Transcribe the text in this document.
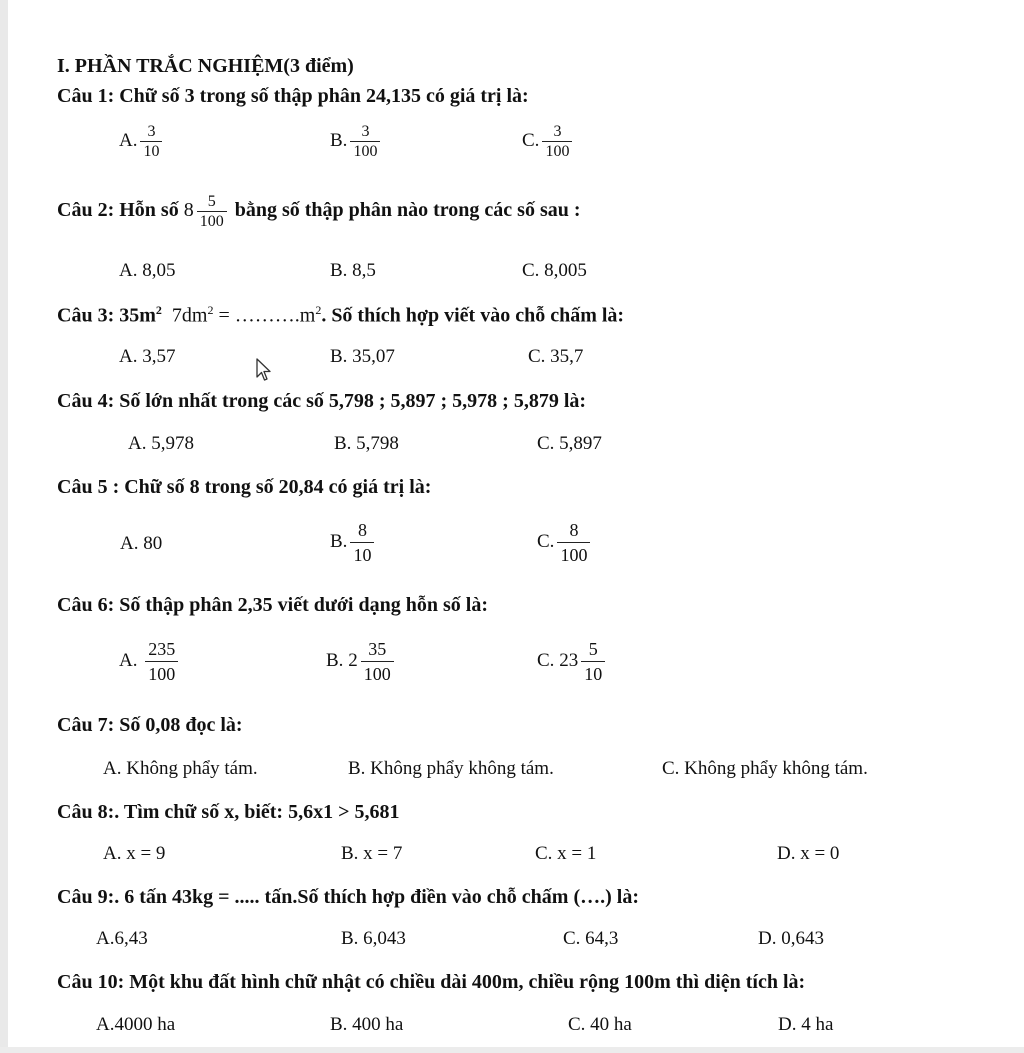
I. PHẦN TRẮC NGHIỆM(3 điểm)
Câu 1: Chữ số 3 trong số thập phân 24,135 có giá trị là:
A. $\frac{3}{10}$	B. $\frac{3}{100}$	C. $\frac{3}{100}$
Câu 2: Hỗn số $8 \frac{5}{100}$ bằng số thập phân nào trong các số sau :
A. 8,05	B. 8,5	C. 8,005
Câu 3: $35m^2$ $7dm^2$ = $\dots\dots\dots.m^2$. Số thích hợp viết vào chỗ chấm là:
A. 3,57	B. 35,07	C. 35,7
Câu 4: Số lớn nhất trong các số 5,798 ; 5,897 ; 5,978 ; 5,879 là:
A. 5,978	B. 5,798	C. 5,897
Câu 5 : Chữ số 8 trong số 20,84 có giá trị là:
A. 80	B. $\frac{8}{10}$	C. $\frac{8}{100}$
Câu 6: Số thập phân 2,35 viết dưới dạng hỗn số là:
A. $\frac{235}{100}$	B. $2 \frac{35}{100}$	C. $23 \frac{5}{10}$
Câu 7: Số 0,08 đọc là:
A. Không phẩy tám.	B. Không phẩy không tám.	C. Không phẩy không tám.
Câu 8:. Tìm chữ số x, biết: 5,6x1 > 5,681
A. x = 9	B. x = 7	C. x = 1	D. x = 0
Câu 9:. 6 tấn 43kg = ..... tấn.Số thích hợp điền vào chỗ chấm (….) là:
A.6,43	B. 6,043	C. 64,3	D. 0,643
Câu 10: Một khu đất hình chữ nhật có chiều dài 400m, chiều rộng 100m thì diện tích là:
A.4000 ha	B. 400 ha	C. 40 ha	D. 4 ha
